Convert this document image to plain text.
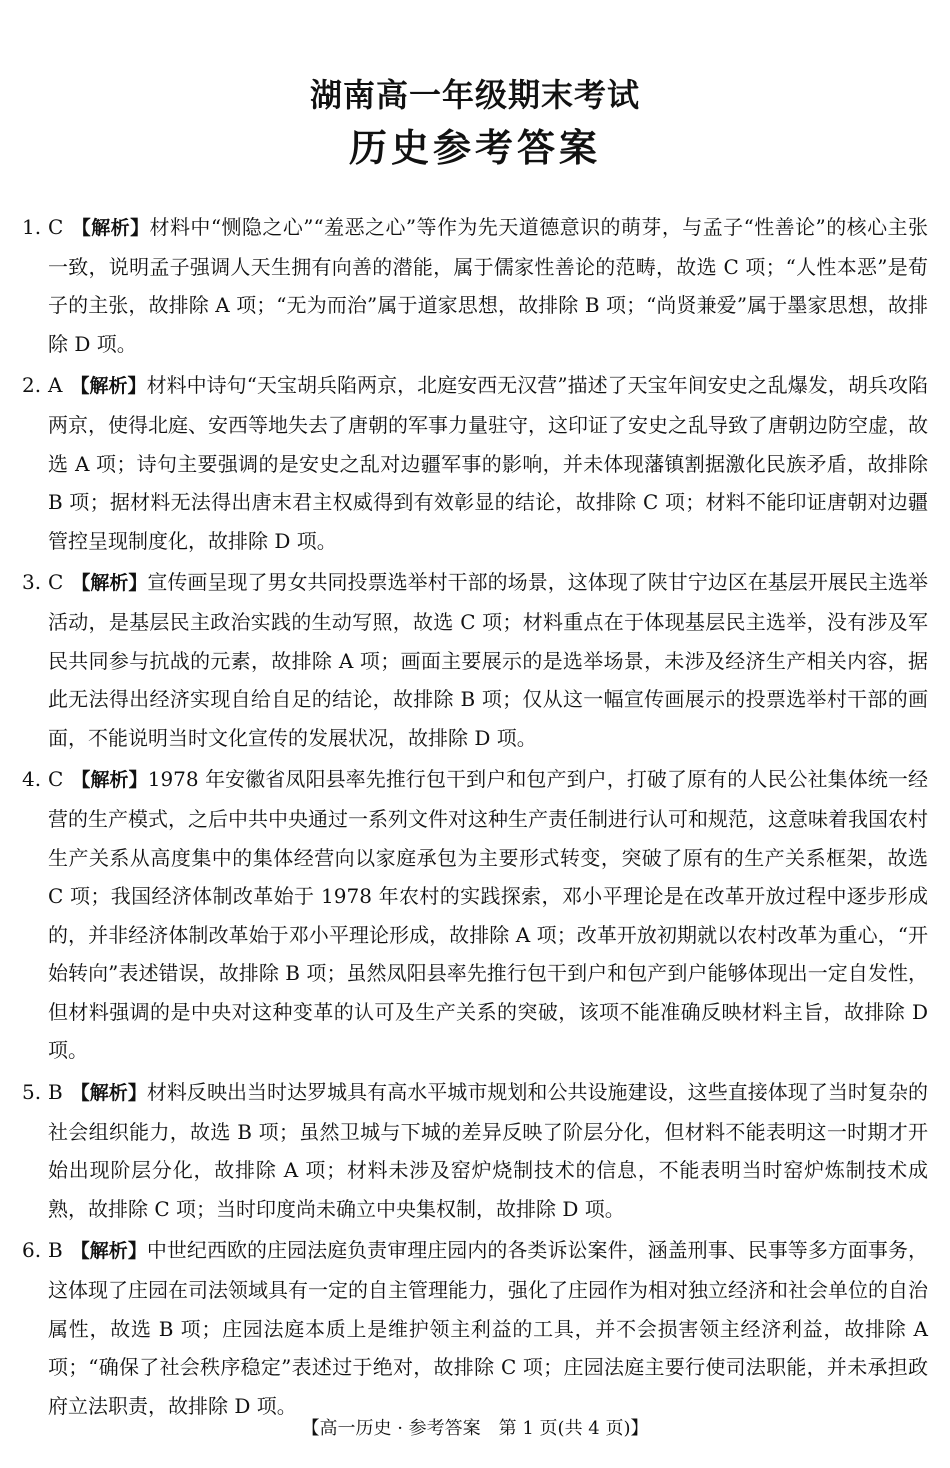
湖南高一年级期末考试
历史参考答案
1. C 【解析】材料中“恻隐之心”“羞恶之心”等作为先天道德意识的萌芽，与孟子“性善论”的核心主张一致，说明孟子强调人天生拥有向善的潜能，属于儒家性善论的范畴，故选 C 项；“人性本恶”是荀子的主张，故排除 A 项；“无为而治”属于道家思想，故排除 B 项；“尚贤兼爱”属于墨家思想，故排除 D 项。
2. A 【解析】材料中诗句“天宝胡兵陷两京，北庭安西无汉营”描述了天宝年间安史之乱爆发，胡兵攻陷两京，使得北庭、安西等地失去了唐朝的军事力量驻守，这印证了安史之乱导致了唐朝边防空虚，故选 A 项；诗句主要强调的是安史之乱对边疆军事的影响，并未体现藩镇割据激化民族矛盾，故排除 B 项；据材料无法得出唐末君主权威得到有效彰显的结论，故排除 C 项；材料不能印证唐朝对边疆管控呈现制度化，故排除 D 项。
3. C 【解析】宣传画呈现了男女共同投票选举村干部的场景，这体现了陕甘宁边区在基层开展民主选举活动，是基层民主政治实践的生动写照，故选 C 项；材料重点在于体现基层民主选举，没有涉及军民共同参与抗战的元素，故排除 A 项；画面主要展示的是选举场景，未涉及经济生产相关内容，据此无法得出经济实现自给自足的结论，故排除 B 项；仅从这一幅宣传画展示的投票选举村干部的画面，不能说明当时文化宣传的发展状况，故排除 D 项。
4. C 【解析】1978 年安徽省凤阳县率先推行包干到户和包产到户，打破了原有的人民公社集体统一经营的生产模式，之后中共中央通过一系列文件对这种生产责任制进行认可和规范，这意味着我国农村生产关系从高度集中的集体经营向以家庭承包为主要形式转变，突破了原有的生产关系框架，故选 C 项；我国经济体制改革始于 1978 年农村的实践探索，邓小平理论是在改革开放过程中逐步形成的，并非经济体制改革始于邓小平理论形成，故排除 A 项；改革开放初期就以农村改革为重心，“开始转向”表述错误，故排除 B 项；虽然凤阳县率先推行包干到户和包产到户能够体现出一定自发性，但材料强调的是中央对这种变革的认可及生产关系的突破，该项不能准确反映材料主旨，故排除 D 项。
5. B 【解析】材料反映出当时达罗城具有高水平城市规划和公共设施建设，这些直接体现了当时复杂的社会组织能力，故选 B 项；虽然卫城与下城的差异反映了阶层分化，但材料不能表明这一时期才开始出现阶层分化，故排除 A 项；材料未涉及窑炉烧制技术的信息，不能表明当时窑炉炼制技术成熟，故排除 C 项；当时印度尚未确立中央集权制，故排除 D 项。
6. B 【解析】中世纪西欧的庄园法庭负责审理庄园内的各类诉讼案件，涵盖刑事、民事等多方面事务，这体现了庄园在司法领域具有一定的自主管理能力，强化了庄园作为相对独立经济和社会单位的自治属性，故选 B 项；庄园法庭本质上是维护领主利益的工具，并不会损害领主经济利益，故排除 A 项；“确保了社会秩序稳定”表述过于绝对，故排除 C 项；庄园法庭主要行使司法职能，并未承担政府立法职责，故排除 D 项。
【高一历史 · 参考答案　第 1 页(共 4 页)】
